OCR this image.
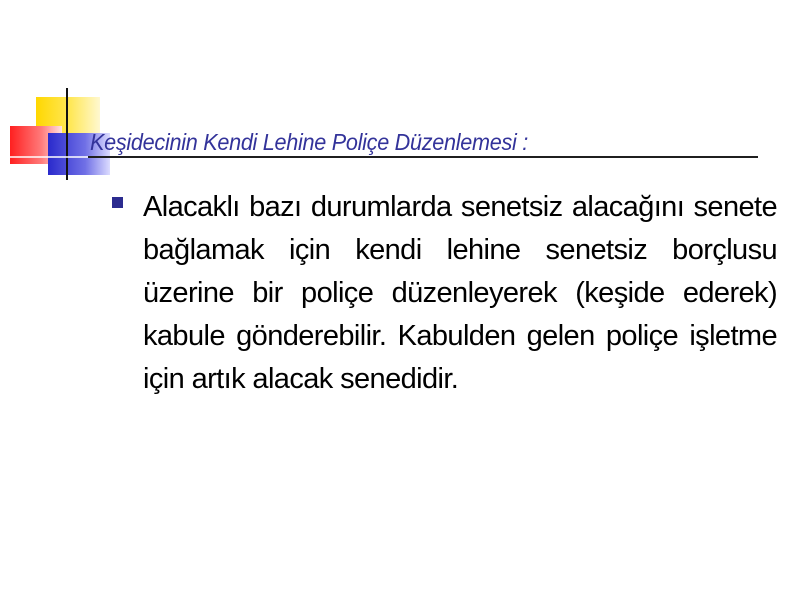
Keşidecinin Kendi Lehine Poliçe Düzenlemesi :

Alacaklı bazı durumlarda senetsiz alacağını senete bağlamak için kendi lehine senetsiz borçlusu üzerine bir poliçe düzenleyerek (keşide ederek) kabule gönderebilir. Kabulden gelen poliçe işletme için artık alacak senedidir.
